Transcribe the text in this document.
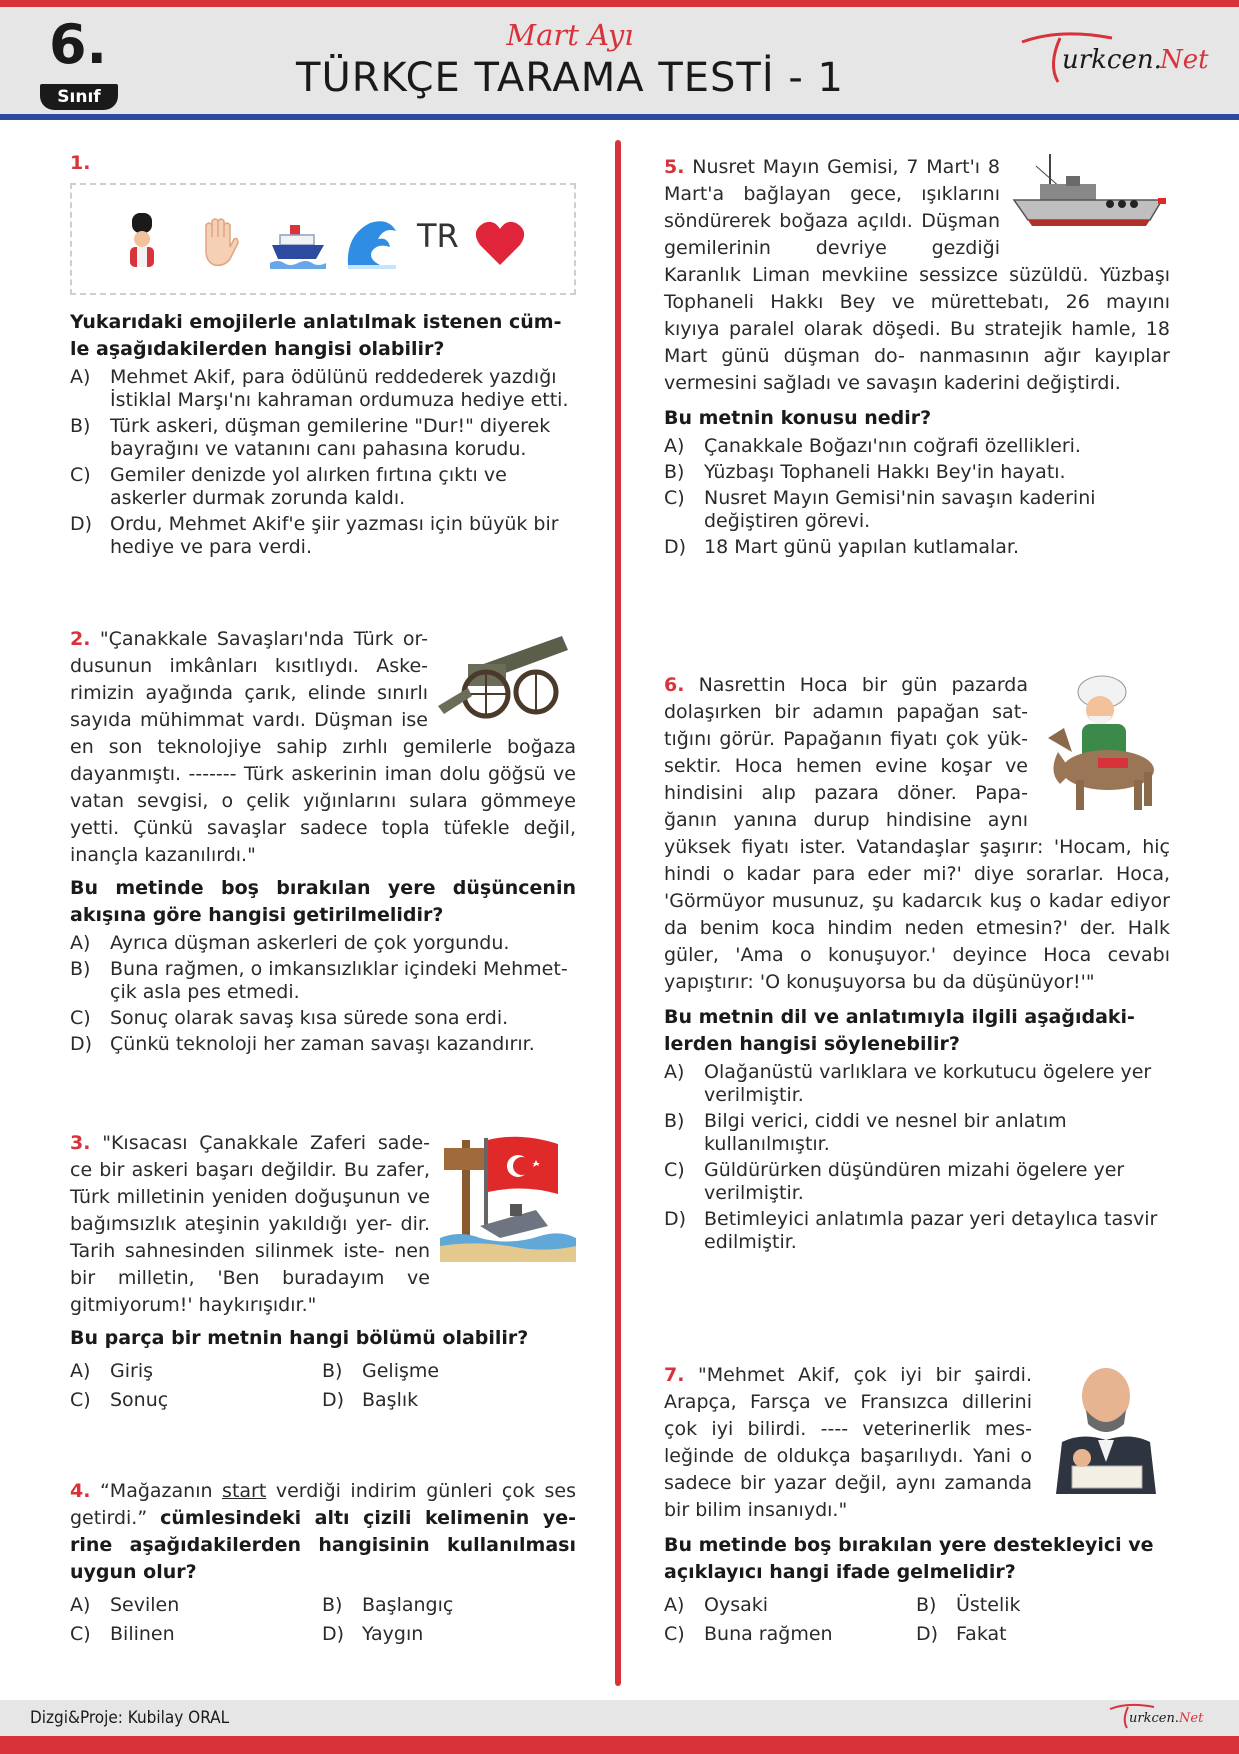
6.
Sınıf
Mart Ayı
TÜRKÇE TARAMA TESTİ - 1	urkcen.
Net
1.
TR
Yukarıdaki emojilerle anlatılmak istenen cüm- le aşağıdakilerden hangisi olabilir?
A) Mehmet Akif, para ödülünü reddederek yazdığı İstiklal Marşı'nı kahraman ordumuza hediye etti.
B) Türk askeri, düşman gemilerine "Dur!" diyerek bayrağını ve vatanını canı pahasına korudu.
C) Gemiler denizde yol alırken fırtına çıktı ve askerler durmak zorunda kaldı.
D) Ordu, Mehmet Akif'e şiir yazması için büyük bir hediye ve para verdi.
2. "Çanakkale Savaşları'nda Türk or- dusunun imkânları kısıtlıydı. Aske- rimizin ayağında çarık, elinde sınırlı sayıda mühimmat vardı. Düşman ise en son teknolojiye sahip zırhlı gemilerle boğaza dayanmıştı. ------- Türk askerinin iman dolu göğsü ve vatan sevgisi, o çelik yığınlarını sulara gömmeye yetti. Çünkü savaşlar sadece topla tüfekle değil, inançla kazanılırdı."
Bu metinde boş bırakılan yere düşüncenin akışına göre hangisi getirilmelidir?
A) Ayrıca düşman askerleri de çok yorgundu.
B) Buna rağmen, o imkansızlıklar içindeki Mehmet- çik asla pes etmedi.
C) Sonuç olarak savaş kısa sürede sona erdi.
D) Çünkü teknoloji her zaman savaşı kazandırır.
3. "Kısacası Çanakkale Zaferi sade- ce bir askeri başarı değildir. Bu zafer, Türk milletinin yeniden doğuşunun ve bağımsızlık ateşinin yakıldığı yer- dir. Tarih sahnesinden silinmek iste- nen bir milletin, 'Ben buradayım ve gitmiyorum!' haykırışıdır."
Bu parça bir metnin hangi bölümü olabilir?
A) Giriş	B) Gelişme
C) Sonuç	D) Başlık
4. “Mağazanın start verdiği indirim günleri çok ses getirdi.” cümlesindeki altı çizili kelimenin ye- rine aşağıdakilerden hangisinin kullanılması uygun olur?
A) Sevilen	B) Başlangıç
C) Bilinen	D) Yaygın
5. Nusret Mayın Gemisi, 7 Mart'ı 8 Mart'a bağlayan gece, ışıklarını söndürerek boğaza açıldı. Düşman gemilerinin devriye gezdiği Karanlık Liman mevkiine sessizce süzüldü. Yüzbaşı Tophaneli Hakkı Bey ve mürettebatı, 26 mayını kıyıya paralel olarak döşedi. Bu stratejik hamle, 18 Mart günü düşman do- nanmasının ağır kayıplar vermesini sağladı ve savaşın kaderini değiştirdi.
Bu metnin konusu nedir?
A) Çanakkale Boğazı'nın coğrafi özellikleri.
B) Yüzbaşı Tophaneli Hakkı Bey'in hayatı.
C) Nusret Mayın Gemisi'nin savaşın kaderini değiştiren görevi.
D) 18 Mart günü yapılan kutlamalar.
6. Nasrettin Hoca bir gün pazarda dolaşırken bir adamın papağan sat- tığını görür. Papağanın fiyatı çok yük- sektir. Hoca hemen evine koşar ve hindisini alıp pazara döner. Papa- ğanın yanına durup hindisine aynı yüksek fiyatı ister. Vatandaşlar şaşırır: 'Hocam, hiç hindi o kadar para eder mi?' diye sorarlar. Hoca, 'Görmüyor musunuz, şu kadarcık kuş o kadar ediyor da benim koca hindim neden etmesin?' der. Halk güler, 'Ama o konuşuyor.' deyince Hoca cevabı yapıştırır: 'O konuşuyorsa bu da düşünüyor!'"
Bu metnin dil ve anlatımıyla ilgili aşağıdaki- lerden hangisi söylenebilir?
A) Olağanüstü varlıklara ve korkutucu ögelere yer verilmiştir.
B) Bilgi verici, ciddi ve nesnel bir anlatım kullanılmıştır.
C) Güldürürken düşündüren mizahi ögelere yer verilmiştir.
D) Betimleyici anlatımla pazar yeri detaylıca tasvir edilmiştir.
7. "Mehmet Akif, çok iyi bir şairdi. Arapça, Farsça ve Fransızca dillerini çok iyi bilirdi. ---- veterinerlik mes- leğinde de oldukça başarılıydı. Yani o sadece bir yazar değil, aynı zamanda bir bilim insanıydı."
Bu metinde boş bırakılan yere destekleyici ve açıklayıcı hangi ifade gelmelidir?
A) Oysaki	B) Üstelik
C) Buna rağmen	D) Fakat
Dizgi&Proje: Kubilay ORAL	urkcen. Net
